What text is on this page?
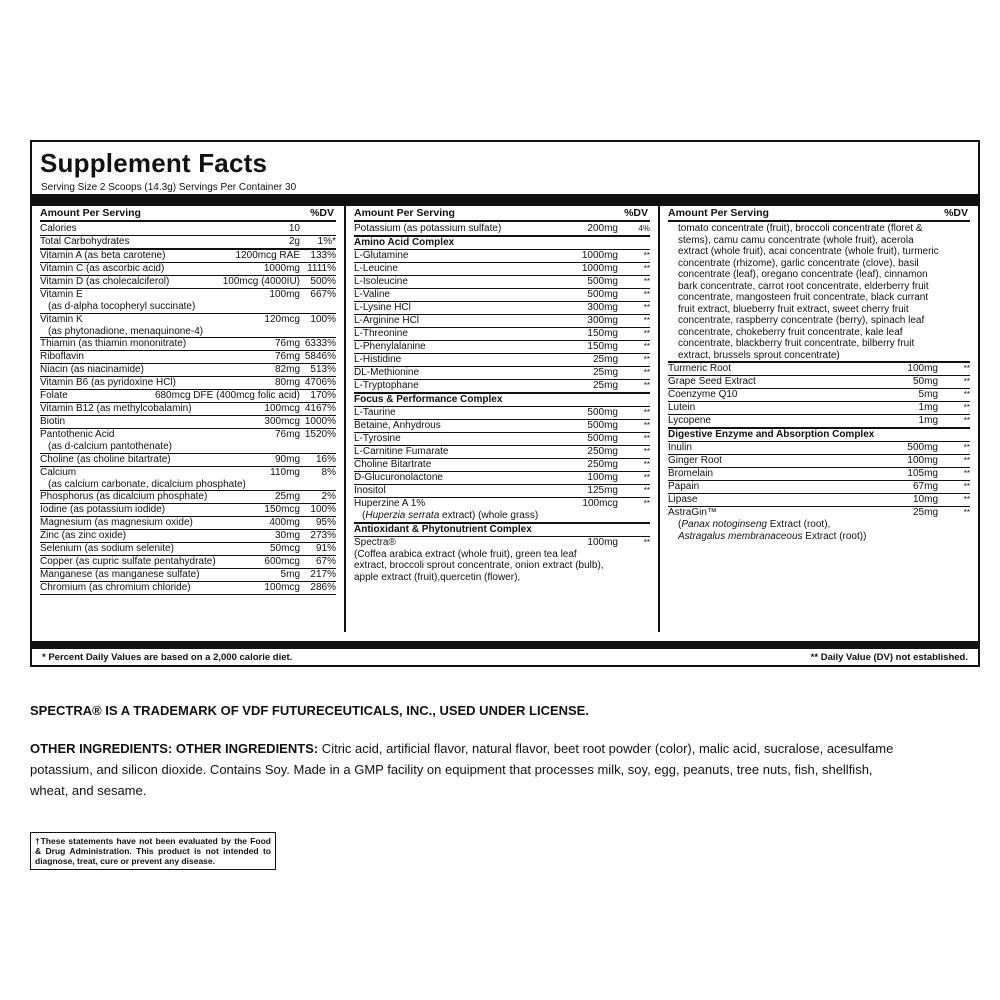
Supplement Facts
Serving Size 2 Scoops (14.3g) Servings Per Container 30
Amount Per Serving	%DV
Calories	10
Total Carbohydrates	2g	1%*
Vitamin A (as beta carotene)	1200mcg RAE	133%
Vitamin C (as ascorbic acid)	1000mg 1111%
Vitamin D (as cholecalciferol)	100mcg (4000IU)	500%
Vitamin E	100mg	667%
(as d-alpha tocopheryl succinate)
Vitamin K	120mcg	100%
(as phytonadione, menaquinone-4)
Thiamin (as thiamin mononitrate)	76mg 6333%
Riboflavin	76mg 5846%
Niacin (as niacinamide)	82mg	513%
Vitamin B6 (as pyridoxine HCl)	80mg 4706%
Folate	680mcg DFE (400mcg folic acid)	170%
Vitamin B12 (as methylcobalamin)	100mcg 4167%
Biotin	300mcg 1000%
Pantothenic Acid	76mg 1520%
(as d-calcium pantothenate)
Choline (as choline bitartrate)	90mg	16%
Calcium	110mg	8%
(as calcium carbonate, dicalcium phosphate)
Phosphorus (as dicalcium phosphate)	25mg	2%
Iodine (as potassium iodide)	150mcg	100%
Magnesium (as magnesium oxide)	400mg	95%
Zinc (as zinc oxide)	30mg	273%
Selenium (as sodium selenite)	50mcg	91%
Copper (as cupric sulfate pentahydrate)	600mcg	67%
Manganese (as manganese sulfate)	5mg	217%
Chromium (as chromium chloride)	100mcg	286%
Amount Per Serving	%DV
Potassium (as potassium sulfate)	200mg	4%
Amino Acid Complex
L-Glutamine	1000mg	**
L-Leucine	1000mg	**
L-Isoleucine	500mg	**
L-Valine	500mg	**
L-Lysine HCl	300mg	**
L-Arginine HCl	300mg	**
L-Threonine	150mg	**
L-Phenylalanine	150mg	**
L-Histidine	25mg	**
DL-Methionine	25mg	**
L-Tryptophane	25mg	**
Focus & Performance Complex
L-Taurine	500mg	**
Betaine, Anhydrous	500mg	**
L-Tyrosine	500mg	**
L-Carnitine Fumarate	250mg	**
Choline Bitartrate	250mg	**
D-Glucuronolactone	100mg	**
Inositol	125mg	**
Huperzine A 1%	100mcg	**
(Huperzia serrata extract) (whole grass)
Antioxidant & Phytonutrient Complex
Spectra®	100mg	**
(Coffea arabica extract (whole fruit), green tea leaf extract, broccoli sprout concentrate, onion extract (bulb), apple extract (fruit),quercetin (flower),
Amount Per Serving	%DV
tomato concentrate (fruit), broccoli concentrate (floret & stems), camu camu concentrate (whole fruit), acerola extract (whole fruit), acai concentrate (whole fruit), turmeric concentrate (rhizome), garlic concentrate (clove), basil concentrate (leaf), oregano concentrate (leaf), cinnamon bark concentrate, carrot root concentrate, elderberry fruit concentrate, mangosteen fruit concentrate, black currant fruit extract, blueberry fruit extract, sweet cherry fruit concentrate, raspberry concentrate (berry), spinach leaf concentrate, chokeberry fruit concentrate, kale leaf concentrate, blackberry fruit concentrate, bilberry fruit extract, brussels sprout concentrate)
Turmeric Root	100mg	**
Grape Seed Extract	50mg	**
Coenzyme Q10	5mg	**
Lutein	1mg	**
Lycopene	1mg	**
Digestive Enzyme and Absorption Complex
Inulin	500mg	**
Ginger Root	100mg	**
Bromelain	105mg	**
Papain	67mg	**
Lipase	10mg	**
AstraGin™	25mg	**
(Panax notoginseng Extract (root),
Astragalus membranaceous Extract (root))
* Percent Daily Values are based on a 2,000 calorie diet.	** Daily Value (DV) not established.
SPECTRA® IS A TRADEMARK OF VDF FUTURECEUTICALS, INC., USED UNDER LICENSE.
OTHER INGREDIENTS: OTHER INGREDIENTS: Citric acid, artificial flavor, natural flavor, beet root powder (color), malic acid, sucralose, acesulfame potassium, and silicon dioxide. Contains Soy. Made in a GMP facility on equipment that processes milk, soy, egg, peanuts, tree nuts, fish, shellfish, wheat, and sesame.
†These statements have not been evaluated by the Food & Drug Administration. This product is not intended to diagnose, treat, cure or prevent any disease.
